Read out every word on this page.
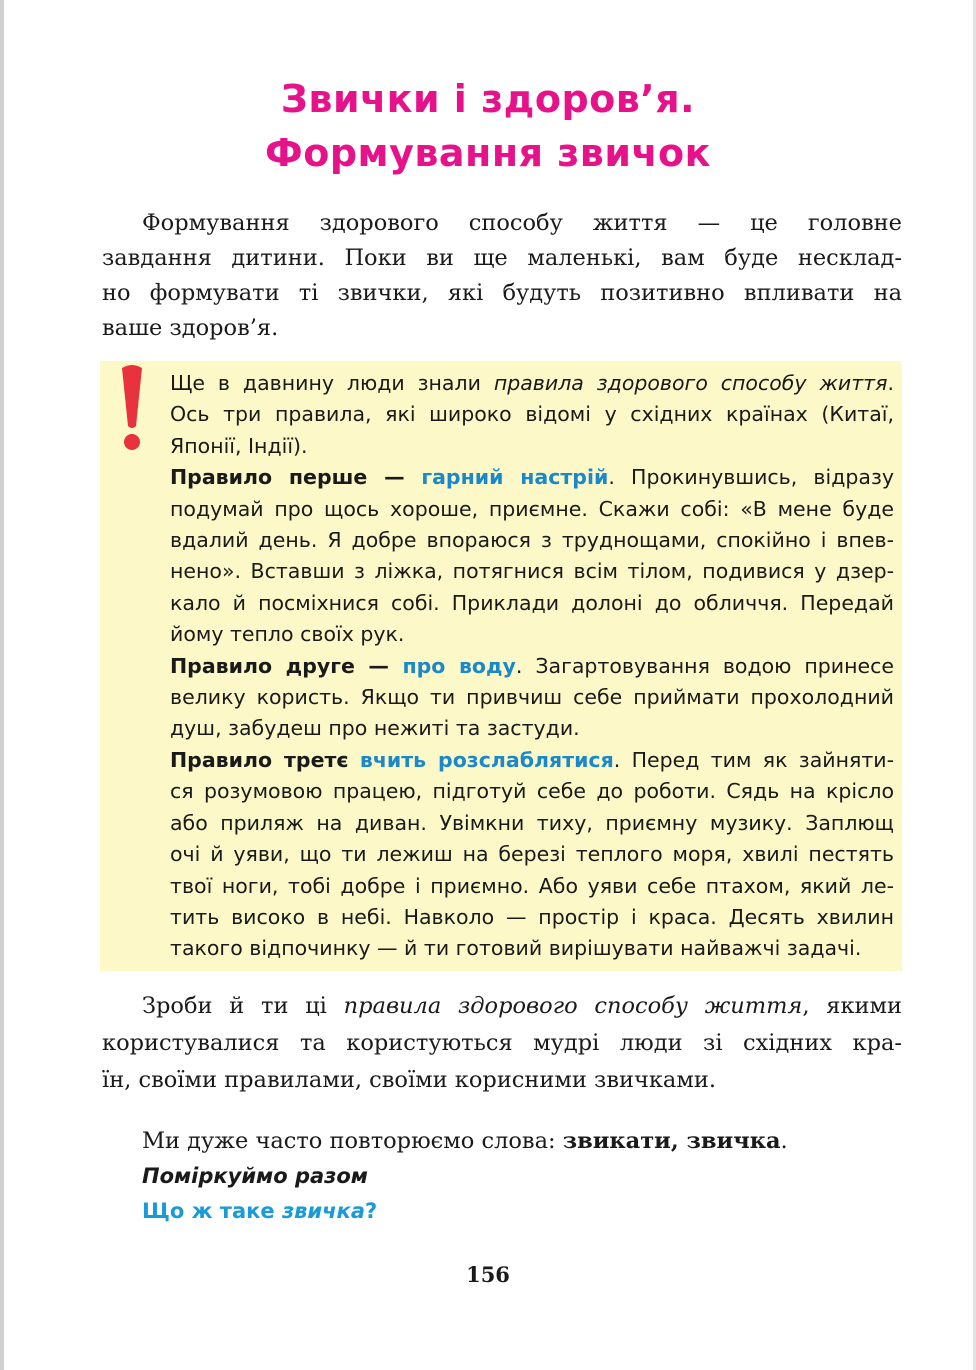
Звички і здоров’я.
Формування звичок
Формування здорового способу життя — це головне
завдання дитини. Поки ви ще маленькі, вам буде несклад-
но формувати ті звички, які будуть позитивно впливати на
ваше здоров’я.
Ще в давнину люди знали правила здорового способу життя.
Ось три правила, які широко відомі у східних країнах (Китаї,
Японії, Індії).
Правило перше — гарний настрій. Прокинувшись, відразу
подумай про щось хороше, приємне. Скажи собі: «В мене буде
вдалий день. Я добре впораюся з труднощами, спокійно і впев-
нено». Вставши з ліжка, потягнися всім тілом, подивися у дзер-
кало й посміхнися собі. Приклади долоні до обличчя. Передай
йому тепло своїх рук.
Правило друге — про воду. Загартовування водою принесе
велику користь. Якщо ти привчиш себе приймати прохолодний
душ, забудеш про нежиті та застуди.
Правило третє вчить розслаблятися. Перед тим як зайняти-
ся розумовою працею, підготуй себе до роботи. Сядь на крісло
або приляж на диван. Увімкни тиху, приємну музику. Заплющ
очі й уяви, що ти лежиш на березі теплого моря, хвилі пестять
твої ноги, тобі добре і приємно. Або уяви себе птахом, який ле-
тить високо в небі. Навколо — простір і краса. Десять хвилин
такого відпочинку — й ти готовий вирішувати найважчі задачі.
Зроби й ти ці правила здорового способу життя, якими
користувалися та користуються мудрі люди зі східних кра-
їн, своїми правилами, своїми корисними звичками.
Ми дуже часто повторюємо слова: звикати, звичка.
Поміркуймо разом
Що ж таке звичка?
156
